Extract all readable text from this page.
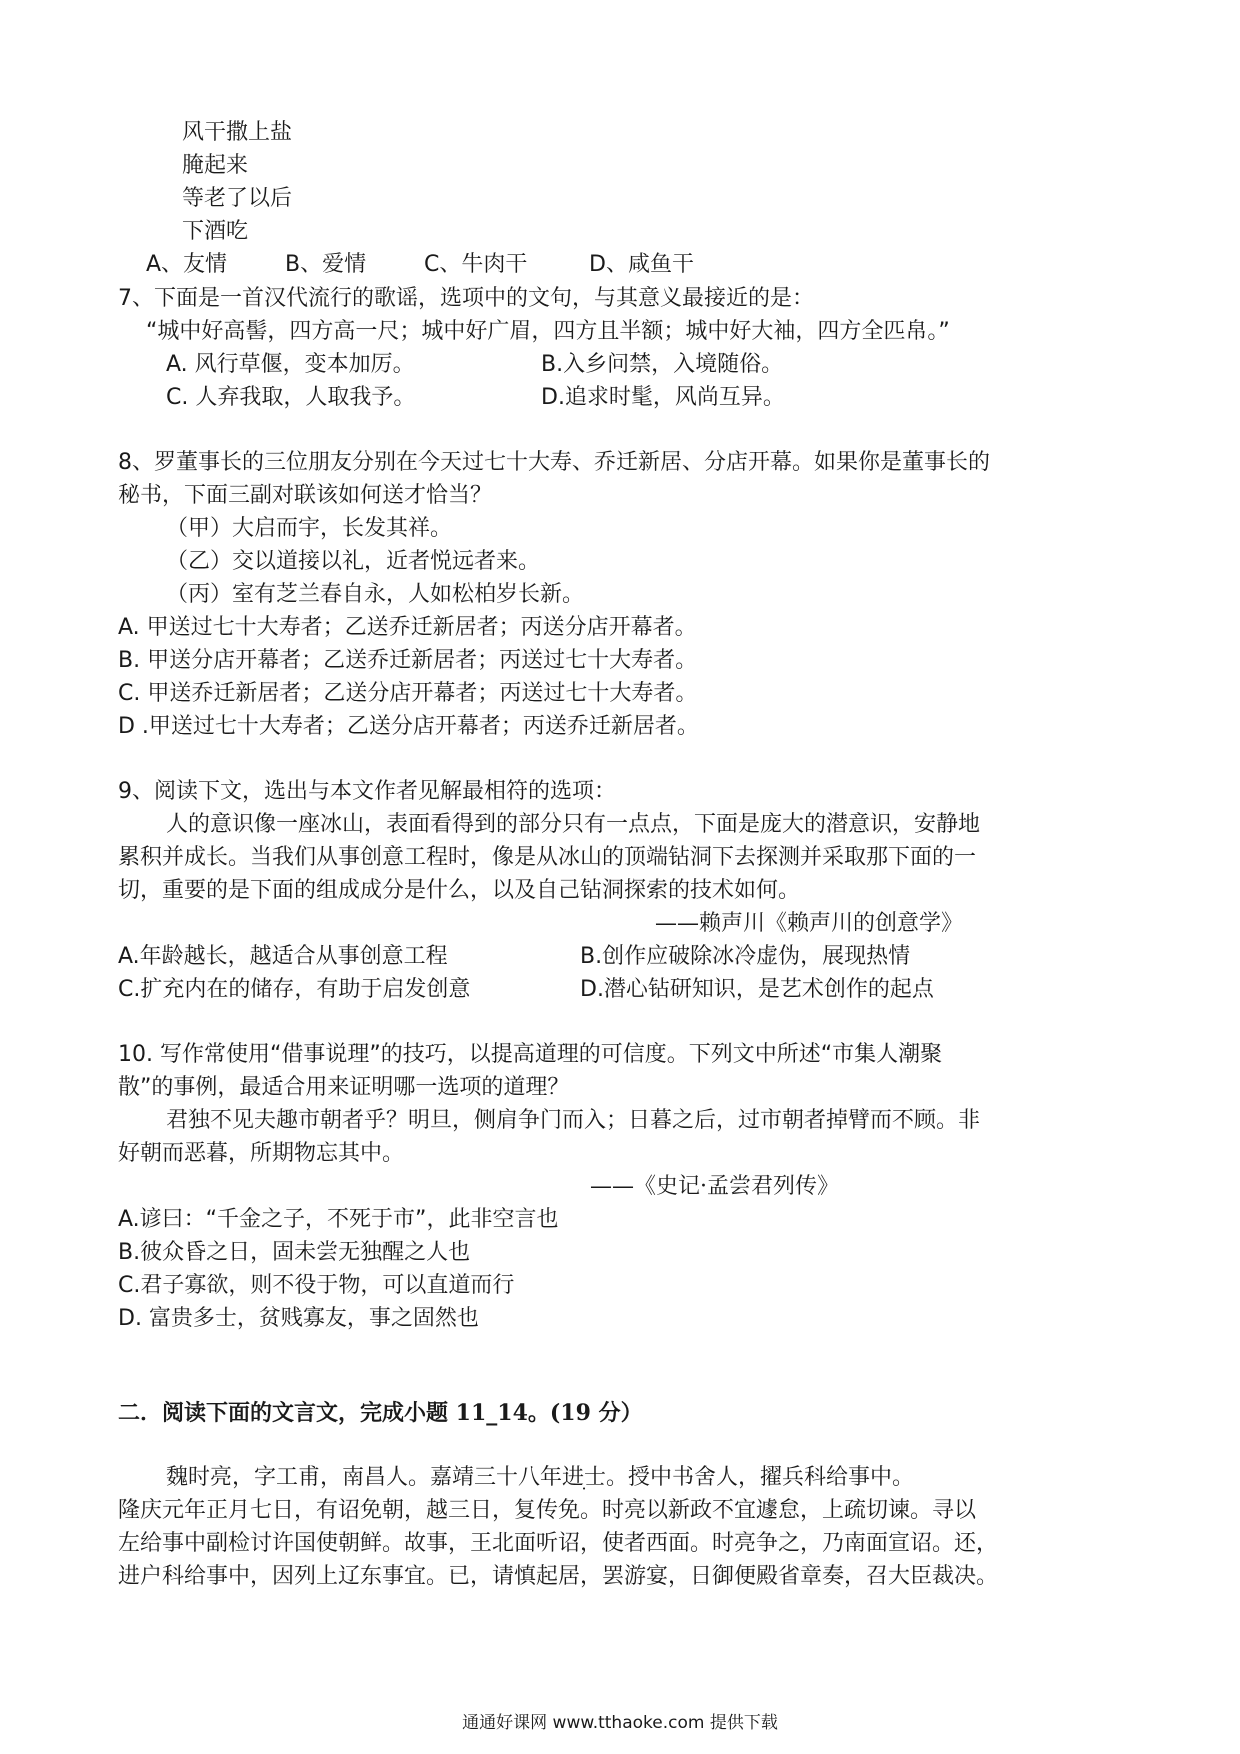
风干撒上盐
腌起来
等老了以后
下酒吃
A、友情	B、爱情	C、牛肉干	D、咸鱼干
7、下面是一首汉代流行的歌谣，选项中的文句，与其意义最接近的是：
“城中好高髻，四方高一尺；城中好广眉，四方且半额；城中好大袖，四方全匹帛。”
A. 风行草偃，变本加厉。	B.入乡问禁，入境随俗。
C. 人弃我取，人取我予。	D.追求时髦，风尚互异。
8、罗董事长的三位朋友分别在今天过七十大寿、乔迁新居、分店开幕。如果你是董事长的
秘书，下面三副对联该如何送才恰当？
（甲）大启而宇，长发其祥。
（乙）交以道接以礼，近者悦远者来。
（丙）室有芝兰春自永，人如松柏岁长新。
A. 甲送过七十大寿者；乙送乔迁新居者；丙送分店开幕者。
B. 甲送分店开幕者；乙送乔迁新居者；丙送过七十大寿者。
C. 甲送乔迁新居者；乙送分店开幕者；丙送过七十大寿者。
D .甲送过七十大寿者；乙送分店开幕者；丙送乔迁新居者。
9、阅读下文，选出与本文作者见解最相符的选项：
人的意识像一座冰山，表面看得到的部分只有一点点，下面是庞大的潜意识，安静地
累积并成长。当我们从事创意工程时，像是从冰山的顶端钻洞下去探测并采取那下面的一
切，重要的是下面的组成成分是什么，以及自己钻洞探索的技术如何。
——赖声川《赖声川的创意学》
A.年龄越长，越适合从事创意工程	B.创作应破除冰冷虚伪，展现热情
C.扩充内在的储存，有助于启发创意	D.潜心钻研知识，是艺术创作的起点
10. 写作常使用“借事说理”的技巧，以提高道理的可信度。下列文中所述“市集人潮聚
散”的事例，最适合用来证明哪一选项的道理？
君独不见夫趣市朝者乎？明旦，侧肩争门而入；日暮之后，过市朝者掉臂而不顾。非
好朝而恶暮，所期物忘其中。
——《史记·孟尝君列传》
A.谚曰：“千金之子，不死于市”，此非空言也
B.彼众昏之日，固未尝无独醒之人也
C.君子寡欲，则不役于物，可以直道而行
D. 富贵多士，贫贱寡友，事之固然也
二．阅读下面的文言文，完成小题 11_14。(19 分）
魏时亮，字工甫，南昌人。嘉靖三十八年进士。授中书舍人，擢兵科给事中。
隆庆元年正月七日，有诏免朝，越三日，复传免。时亮以新政不宜遽怠，上疏切谏。寻以
左给事中副检讨许国使朝鲜。故事，王北面听诏，使者西面。时亮争之，乃南面宣诏。还，
进户科给事中，因列上辽东事宜。已，请慎起居，罢游宴，日御便殿省章奏，召大臣裁决。
通通好课网 www.tthaoke.com 提供下载
